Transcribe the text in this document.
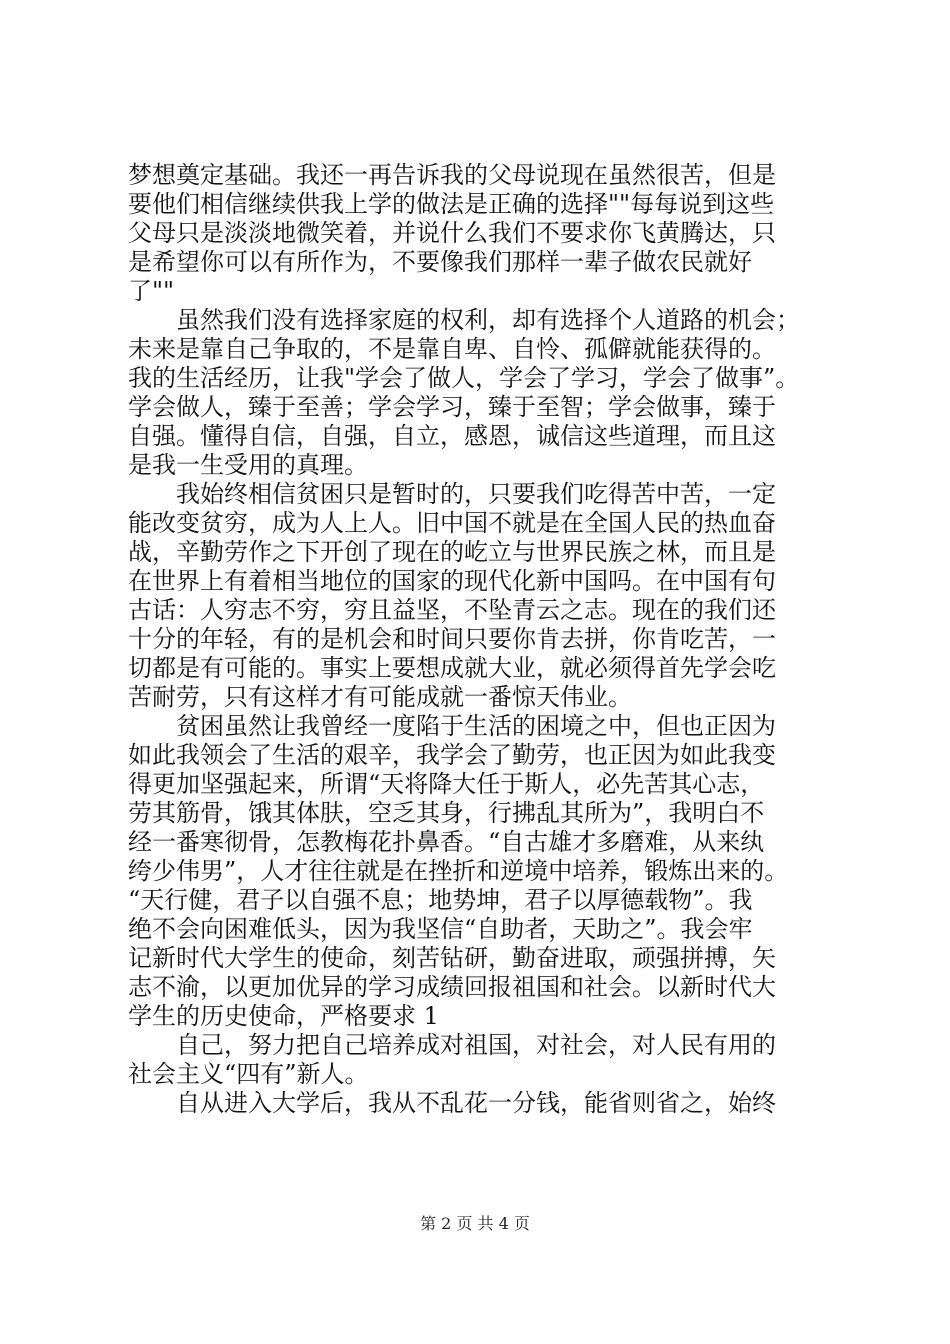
梦想奠定基础。我还一再告诉我的父母说现在虽然很苦，但是
要他们相信继续供我上学的做法是正确的选择""每每说到这些
父母只是淡淡地微笑着，并说什么我们不要求你飞黄腾达，只
是希望你可以有所作为，不要像我们那样一辈子做农民就好
了""
　　虽然我们没有选择家庭的权利，却有选择个人道路的机会；
未来是靠自己争取的，不是靠自卑、自怜、孤僻就能获得的。
我的生活经历，让我"学会了做人，学会了学习，学会了做事”。
学会做人，臻于至善；学会学习，臻于至智；学会做事，臻于
自强。懂得自信，自强，自立，感恩，诚信这些道理，而且这
是我一生受用的真理。
　　我始终相信贫困只是暂时的，只要我们吃得苦中苦，一定
能改变贫穷，成为人上人。旧中国不就是在全国人民的热血奋
战，辛勤劳作之下开创了现在的屹立与世界民族之林，而且是
在世界上有着相当地位的国家的现代化新中国吗。在中国有句
古话：人穷志不穷，穷且益坚，不坠青云之志。现在的我们还
十分的年轻，有的是机会和时间只要你肯去拼，你肯吃苦，一
切都是有可能的。事实上要想成就大业，就必须得首先学会吃
苦耐劳，只有这样才有可能成就一番惊天伟业。
　　贫困虽然让我曾经一度陷于生活的困境之中，但也正因为
如此我领会了生活的艰辛，我学会了勤劳，也正因为如此我变
得更加坚强起来，所谓“天将降大任于斯人，必先苦其心志，
劳其筋骨，饿其体肤，空乏其身，行拂乱其所为”，我明白不
经一番寒彻骨，怎教梅花扑鼻香。“自古雄才多磨难，从来纨
绔少伟男”，人才往往就是在挫折和逆境中培养，锻炼出来的。
“天行健，君子以自强不息；地势坤，君子以厚德载物”。我
绝不会向困难低头，因为我坚信“自助者，天助之”。我会牢
记新时代大学生的使命，刻苦钻研，勤奋进取，顽强拼搏，矢
志不渝，以更加优异的学习成绩回报祖国和社会。以新时代大
学生的历史使命，严格要求 1
　　自己，努力把自己培养成对祖国，对社会，对人民有用的
社会主义“四有”新人。
　　自从进入大学后，我从不乱花一分钱，能省则省之，始终
第 2 页 共 4 页
